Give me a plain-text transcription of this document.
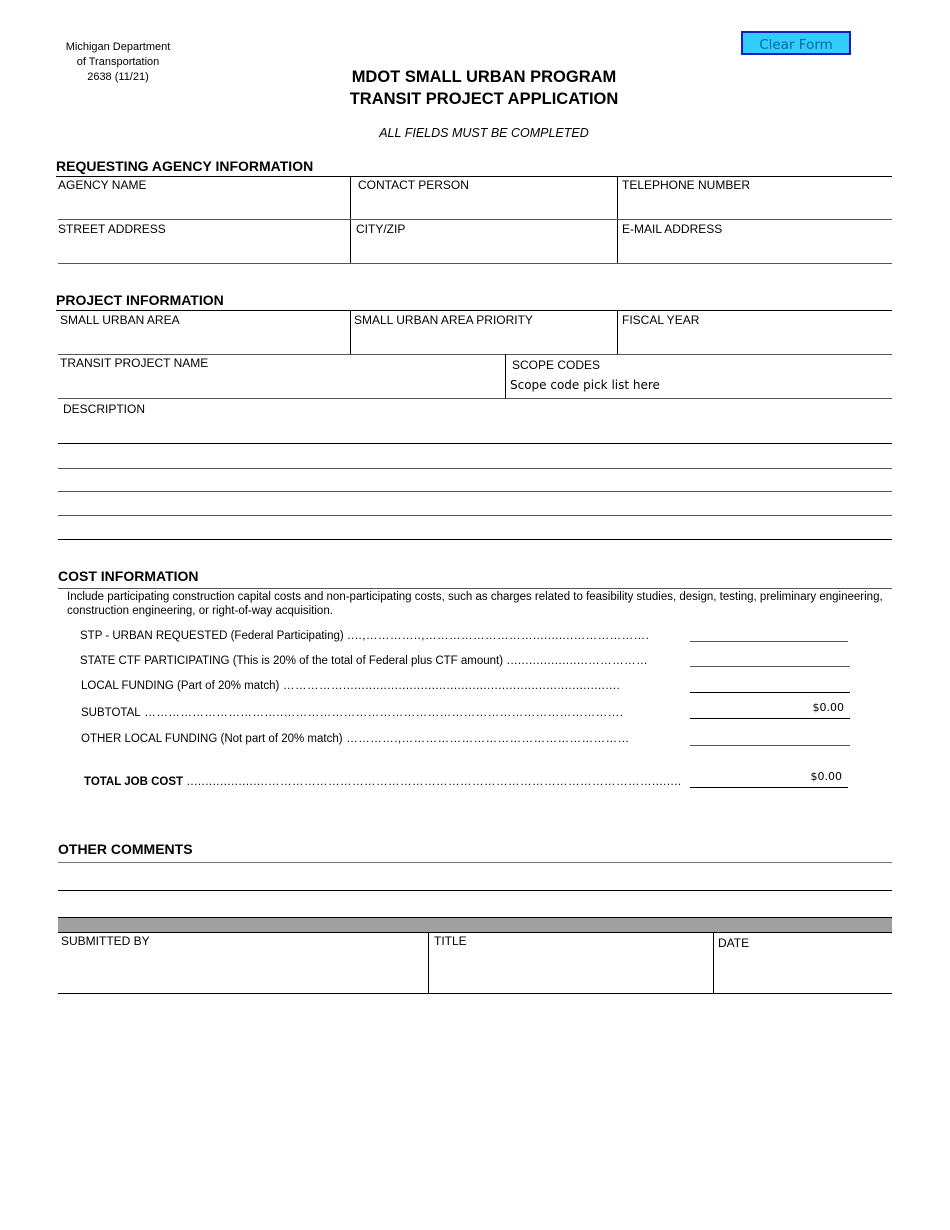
Michigan Department
of Transportation
2638 (11/21)	MDOT SMALL URBAN PROGRAM
TRANSIT PROJECT APPLICATION
ALL FIELDS MUST BE COMPLETED
Clear Form
REQUESTING AGENCY INFORMATION
AGENCY NAME	CONTACT PERSON	TELEPHONE NUMBER
STREET ADDRESS	CITY/ZIP	E-MAIL ADDRESS
PROJECT INFORMATION
SMALL URBAN AREA	SMALL URBAN AREA PRIORITY	FISCAL YEAR
TRANSIT PROJECT NAME	SCOPE CODES
Scope code pick list here
DESCRIPTION
COST INFORMATION
Include participating construction capital costs and non-participating costs, such as charges related to feasibility studies, design, testing, preliminary engineering, construction engineering, or right-of-way acquisition.
STP - URBAN REQUESTED (Federal Participating) ....,…………..,………………………...........……………….
STATE CTF PARTICIPATING (This is 20% of the total of Federal plus CTF amount) ......................……………
LOCAL FUNDING (Part of 20% match) ……………...........................................................................
SUBTOTAL ……………………………..………………………………………………………………………….	$0.00
OTHER LOCAL FUNDING (Not part of 20% match) ………….,…………………………………………………
TOTAL JOB COST ......................……………………………………………………………………………………........	$0.00
OTHER COMMENTS
SUBMITTED BY	TITLE	DATE
